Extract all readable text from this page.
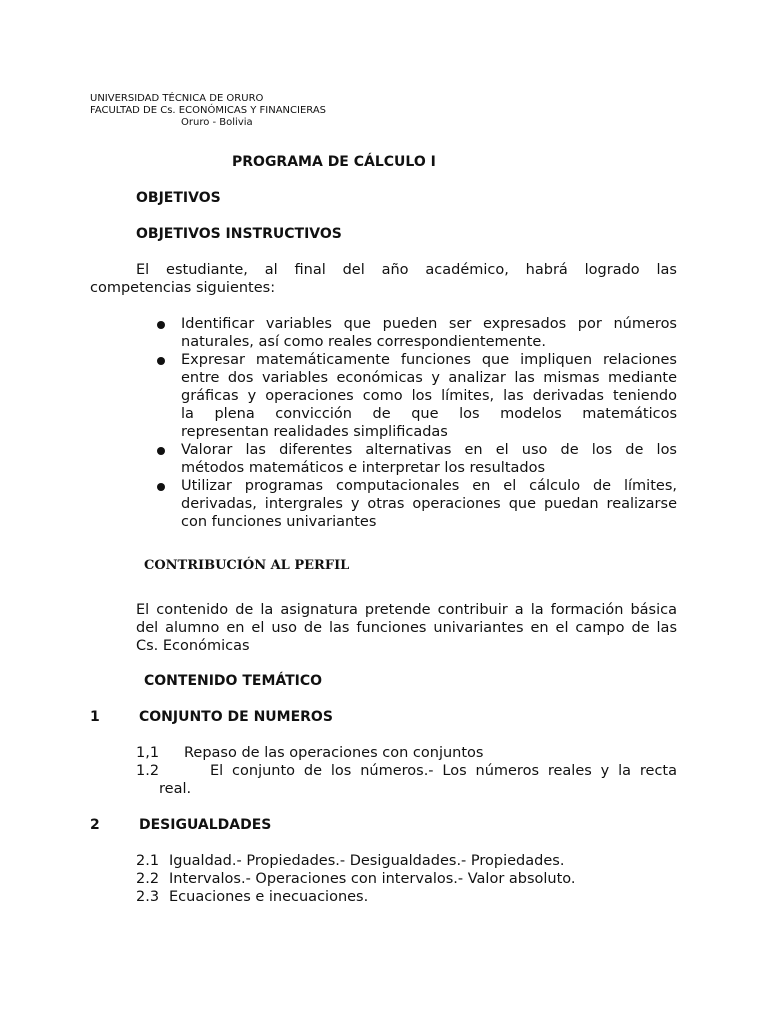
UNIVERSIDAD TÉCNICA DE ORURO
FACULTAD DE Cs. ECONÓMICAS Y FINANCIERAS
Oruro - Bolivia
PROGRAMA DE CÁLCULO I
OBJETIVOS
OBJETIVOS INSTRUCTIVOS
El estudiante, al final del año académico, habrá logrado las
competencias siguientes:
Identificar variables que pueden ser expresados por números
naturales, así como reales correspondientemente.
Expresar matemáticamente funciones que impliquen relaciones
entre dos variables económicas y analizar las mismas mediante
gráficas y operaciones como los límites, las derivadas teniendo
la plena convicción de que los modelos matemáticos
representan realidades simplificadas
Valorar las diferentes alternativas en el uso de los de los
métodos matemáticos e interpretar los resultados
Utilizar programas computacionales en el cálculo de límites,
derivadas, intergrales y otras operaciones que puedan realizarse
con funciones univariantes
CONTRIBUCIÓN AL PERFIL
El contenido de la asignatura pretende contribuir a la formación básica
del alumno en el uso de las funciones univariantes en el campo de las
Cs. Económicas
CONTENIDO TEMÁTICO
1	CONJUNTO DE NUMEROS
1,1 Repaso de las operaciones con conjuntos
1.2	El conjunto de los números.- Los números reales y la recta
real.
2	DESIGUALDADES
2.1 Igualdad.- Propiedades.- Desigualdades.- Propiedades.
2.2 Intervalos.- Operaciones con intervalos.- Valor absoluto.
2.3 Ecuaciones e inecuaciones.
